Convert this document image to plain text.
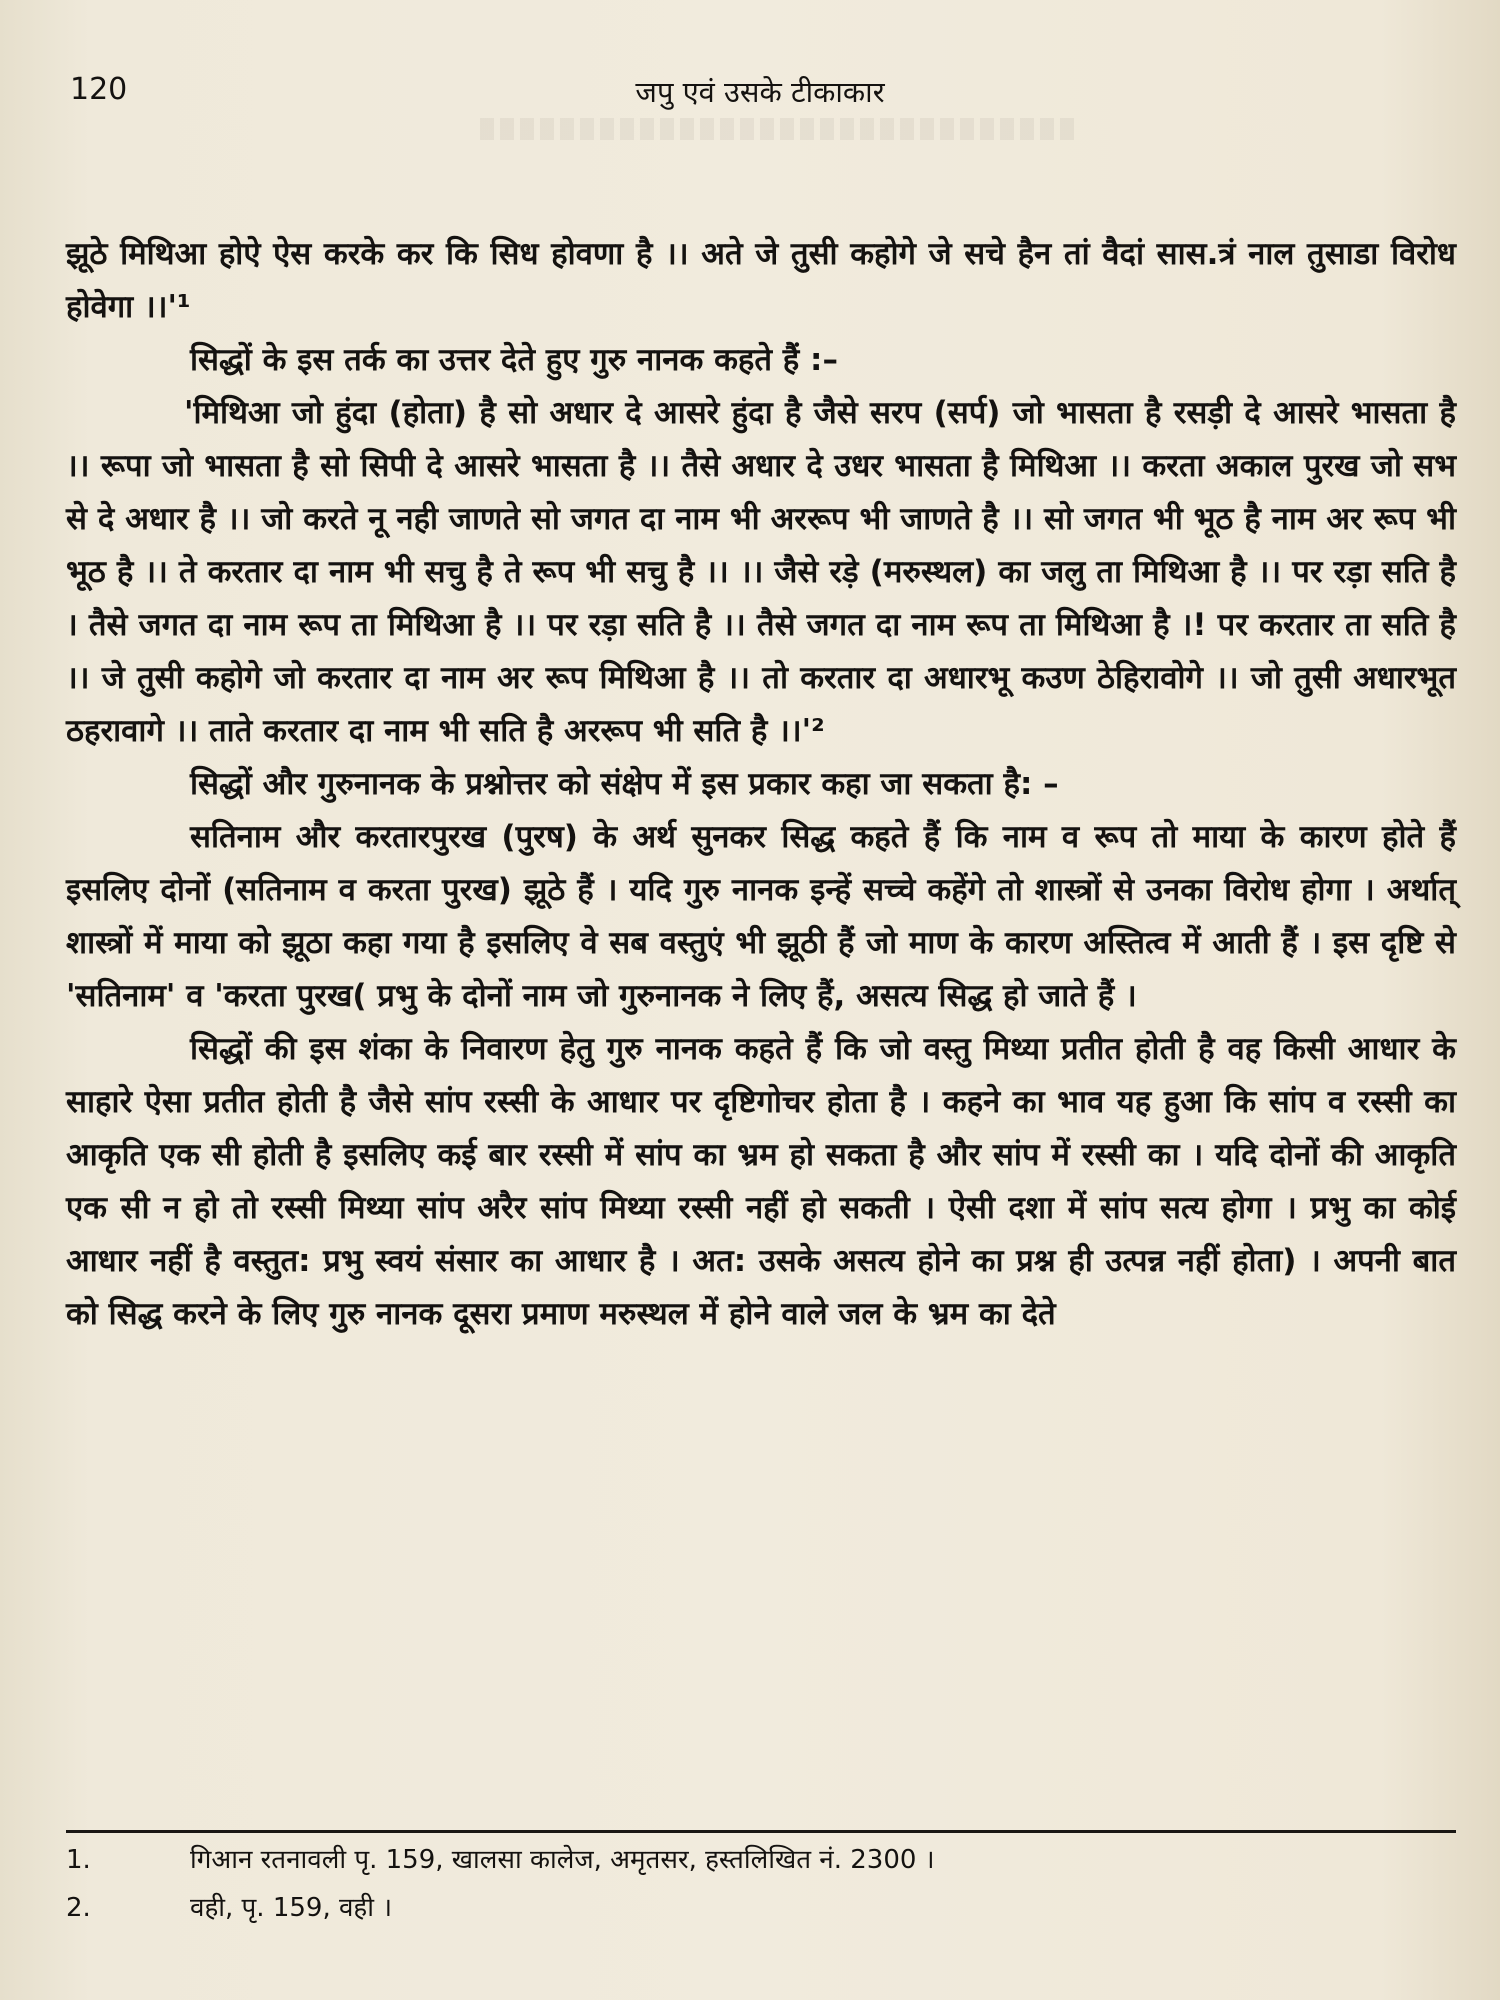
120	जपु एवं उसके टीकाकार

झूठे मिथिआ होऐ ऐस करके कर कि सिध होवणा है ।। अते जे तुसी कहोगे जे सचे हैन तां वैदां सास.त्रं नाल तुसाडा विरोध होवेगा ।।'¹

सिद्धों के इस तर्क का उत्तर देते हुए गुरु नानक कहते हैं :–

'मिथिआ जो हुंदा (होता) है सो अधार दे आसरे हुंदा है जैसे सरप (सर्प) जो भासता है रसड़ी दे आसरे भासता है ।। रूपा जो भासता है सो सिपी दे आसरे भासता है ।। तैसे अधार दे उधर भासता है मिथिआ ।। करता अकाल पुरख जो सभ से दे अधार है ।। जो करते नू नही जाणते सो जगत दा नाम भी अररूप भी जाणते है ।। सो जगत भी भूठ है नाम अर रूप भी भूठ है ।। ते करतार दा नाम भी सचु है ते रूप भी सचु है ।। ।। जैसे रड़े (मरुस्थल) का जलु ता मिथिआ है ।। पर रड़ा सति है । तैसे जगत दा नाम रूप ता मिथिआ है ।। पर रड़ा सति है ।। तैसे जगत दा नाम रूप ता मिथिआ है ।! पर करतार ता सति है ।। जे तुसी कहोगे जो करतार दा नाम अर रूप मिथिआ है ।। तो करतार दा अधारभू कउण ठेहिरावोगे ।। जो तुसी अधारभूत ठहरावागे ।। ताते करतार दा नाम भी सति है अररूप भी सति है ।।'²

सिद्धों और गुरुनानक के प्रश्नोत्तर को संक्षेप में इस प्रकार कहा जा सकता है: –

सतिनाम और करतारपुरख (पुरष) के अर्थ सुनकर सिद्ध कहते हैं कि नाम व रूप तो माया के कारण होते हैं इसलिए दोनों (सतिनाम व करता पुरख) झूठे हैं । यदि गुरु नानक इन्हें सच्चे कहेंगे तो शास्त्रों से उनका विरोध होगा । अर्थात् शास्त्रों में माया को झूठा कहा गया है इसलिए वे सब वस्तुएं भी झूठी हैं जो माण के कारण अस्तित्व में आती हैं । इस दृष्टि से 'सतिनाम' व 'करता पुरख( प्रभु के दोनों नाम जो गुरुनानक ने लिए हैं, असत्य सिद्ध हो जाते हैं ।

सिद्धों की इस शंका के निवारण हेतु गुरु नानक कहते हैं कि जो वस्तु मिथ्या प्रतीत होती है वह किसी आधार के साहारे ऐसा प्रतीत होती है जैसे सांप रस्सी के आधार पर दृष्टिगोचर होता है । कहने का भाव यह हुआ कि सांप व रस्सी का आकृति एक सी होती है इसलिए कई बार रस्सी में सांप का भ्रम हो सकता है और सांप में रस्सी का । यदि दोनों की आकृति एक सी न हो तो रस्सी मिथ्या सांप अरैर सांप मिथ्या रस्सी नहीं हो सकती । ऐसी दशा में सांप सत्य होगा । प्रभु का कोई आधार नहीं है वस्तुत: प्रभु स्वयं संसार का आधार है । अत: उसके असत्य होने का प्रश्न ही उत्पन्न नहीं होता) । अपनी बात को सिद्ध करने के लिए गुरु नानक दूसरा प्रमाण मरुस्थल में होने वाले जल के भ्रम का देते

1.	गिआन रतनावली पृ. 159, खालसा कालेज, अमृतसर, हस्तलिखित नं. 2300 ।
2.	वही, पृ. 159, वही ।
